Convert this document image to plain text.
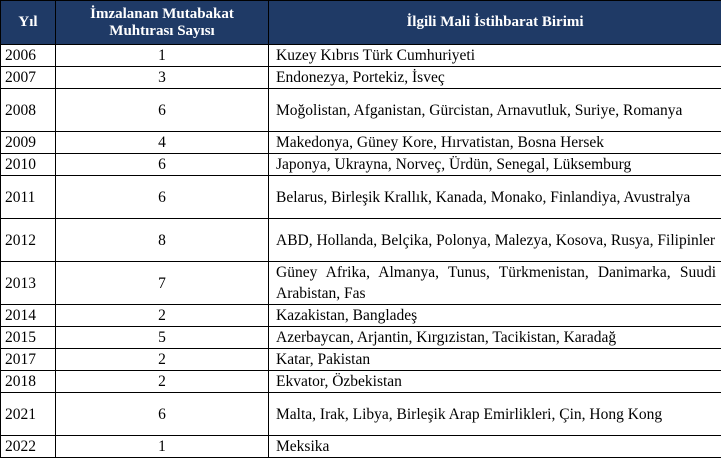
Yıl	İmzalanan Mutabakat Muhtırası Sayısı	İlgili Mali İstihbarat Birimi
2006	1	Kuzey Kıbrıs Türk Cumhuriyeti
2007	3	Endonezya, Portekiz, İsveç
2008	6	Moğolistan, Afganistan, Gürcistan, Arnavutluk, Suriye, Romanya
2009	4	Makedonya, Güney Kore, Hırvatistan, Bosna Hersek
2010	6	Japonya, Ukrayna, Norveç, Ürdün, Senegal, Lüksemburg
2011	6	Belarus, Birleşik Krallık, Kanada, Monako, Finlandiya, Avustralya
2012	8	ABD, Hollanda, Belçika, Polonya, Malezya, Kosova, Rusya, Filipinler
2013	7	Güney Afrika, Almanya, Tunus, Türkmenistan, Danimarka, Suudi Arabistan, Fas
2014	2	Kazakistan, Bangladeş
2015	5	Azerbaycan, Arjantin, Kırgızistan, Tacikistan, Karadağ
2017	2	Katar, Pakistan
2018	2	Ekvator, Özbekistan
2021	6	Malta, Irak, Libya, Birleşik Arap Emirlikleri, Çin, Hong Kong
2022	1	Meksika
